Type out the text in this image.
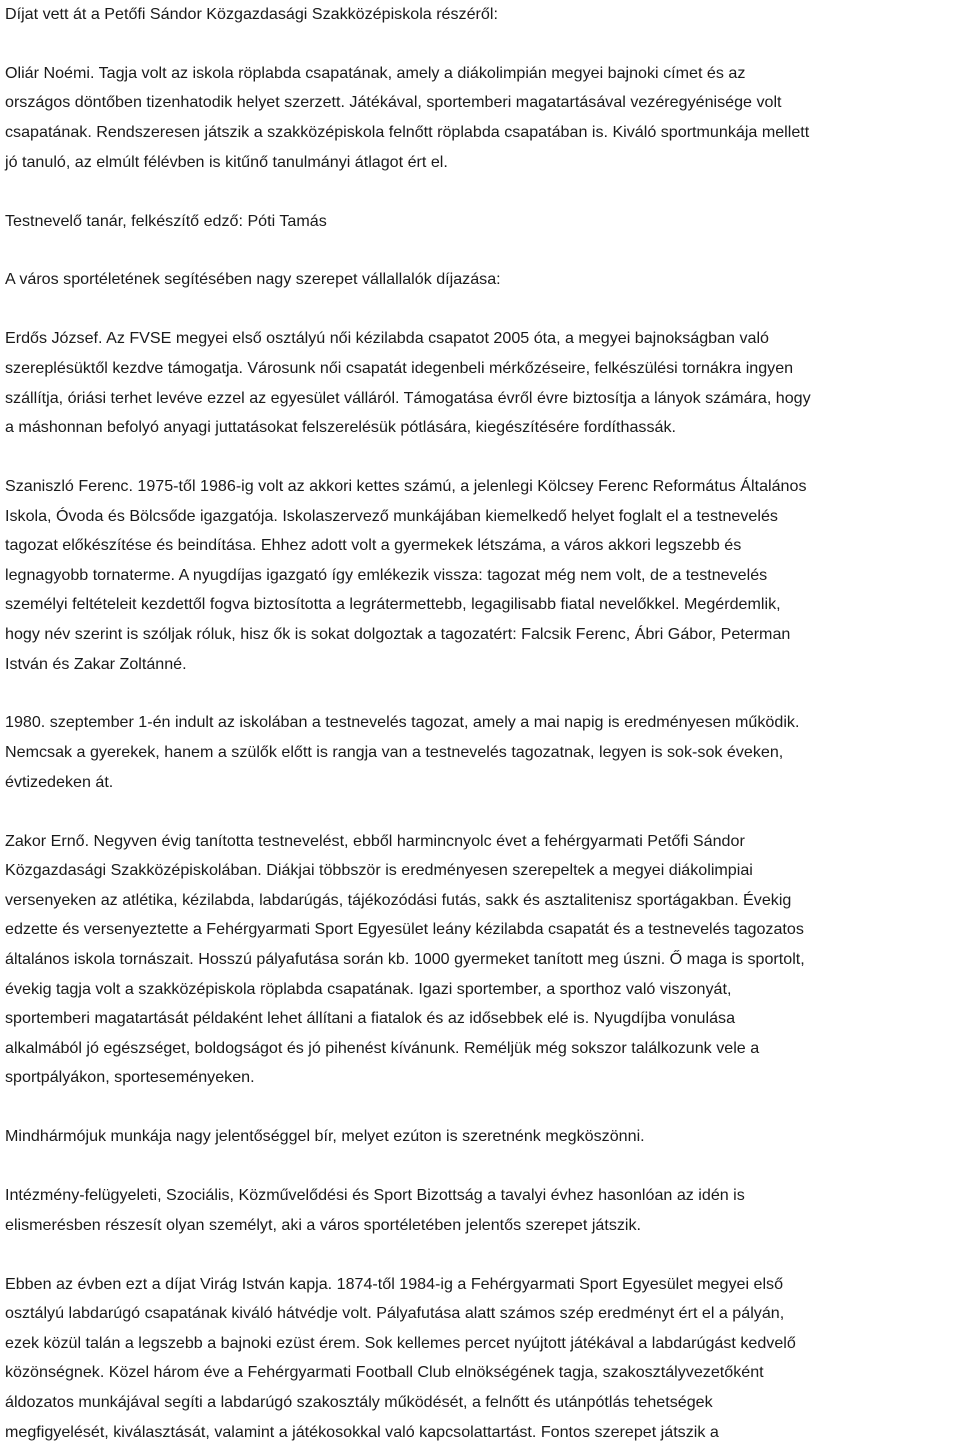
Díjat vett át a Petőfi Sándor Közgazdasági Szakközépiskola részéről:

Oliár Noémi. Tagja volt az iskola röplabda csapatának, amely a diákolimpián megyei bajnoki címet és az
országos döntőben tizenhatodik helyet szerzett. Játékával, sportemberi magatartásával vezéregyénisége volt
csapatának. Rendszeresen játszik a szakközépiskola felnőtt röplabda csapatában is. Kiváló sportmunkája mellett
jó tanuló, az elmúlt félévben is kitűnő tanulmányi átlagot ért el.

Testnevelő tanár, felkészítő edző: Póti Tamás

A város sportéletének segítésében nagy szerepet vállallalók díjazása:

Erdős József. Az FVSE megyei első osztályú női kézilabda csapatot 2005 óta, a megyei bajnokságban való
szereplésüktől kezdve támogatja. Városunk női csapatát idegenbeli mérkőzéseire, felkészülési tornákra ingyen
szállítja, óriási terhet levéve ezzel az egyesület válláról. Támogatása évről évre biztosítja a lányok számára, hogy
a máshonnan befolyó anyagi juttatásokat felszerelésük pótlására, kiegészítésére fordíthassák.

Szaniszló Ferenc. 1975-től 1986-ig volt az akkori kettes számú, a jelenlegi Kölcsey Ferenc Református Általános
Iskola, Óvoda és Bölcsőde igazgatója. Iskolaszervező munkájában kiemelkedő helyet foglalt el a testnevelés
tagozat előkészítése és beindítása. Ehhez adott volt a gyermekek létszáma, a város akkori legszebb és
legnagyobb tornaterme. A nyugdíjas igazgató így emlékezik vissza: tagozat még nem volt, de a testnevelés
személyi feltételeit kezdettől fogva biztosította a legrátermettebb, legagilisabb fiatal nevelőkkel. Megérdemlik,
hogy név szerint is szóljak róluk, hisz ők is sokat dolgoztak a tagozatért: Falcsik Ferenc, Ábri Gábor, Peterman
István és Zakar Zoltánné.

1980. szeptember 1-én indult az iskolában a testnevelés tagozat, amely a mai napig is eredményesen működik.
Nemcsak a gyerekek, hanem a szülők előtt is rangja van a testnevelés tagozatnak, legyen is sok-sok éveken,
évtizedeken át.

Zakor Ernő. Negyven évig tanította testnevelést, ebből harmincnyolc évet a fehérgyarmati Petőfi Sándor
Közgazdasági Szakközépiskolában. Diákjai többször is eredményesen szerepeltek a megyei diákolimpiai
versenyeken az atlétika, kézilabda, labdarúgás, tájékozódási futás, sakk és asztalitenisz sportágakban. Évekig
edzette és versenyeztette a Fehérgyarmati Sport Egyesület leány kézilabda csapatát és a testnevelés tagozatos
általános iskola tornászait. Hosszú pályafutása során kb. 1000 gyermeket tanított meg úszni. Ő maga is sportolt,
évekig tagja volt a szakközépiskola röplabda csapatának. Igazi sportember, a sporthoz való viszonyát,
sportemberi magatartását példaként lehet állítani a fiatalok és az idősebbek elé is. Nyugdíjba vonulása
alkalmából jó egészséget, boldogságot és jó pihenést kívánunk. Reméljük még sokszor találkozunk vele a
sportpályákon, sporteseményeken.

Mindhármójuk munkája nagy jelentőséggel bír, melyet ezúton is szeretnénk megköszönni.

Intézmény-felügyeleti, Szociális, Közművelődési és Sport Bizottság a tavalyi évhez hasonlóan az idén is
elismerésben részesít olyan személyt, aki a város sportéletében jelentős szerepet játszik.

Ebben az évben ezt a díjat Virág István kapja. 1874-től 1984-ig a Fehérgyarmati Sport Egyesület megyei első
osztályú labdarúgó csapatának kiváló hátvédje volt. Pályafutása alatt számos szép eredményt ért el a pályán,
ezek közül talán a legszebb a bajnoki ezüst érem. Sok kellemes percet nyújtott játékával a labdarúgást kedvelő
közönségnek. Közel három éve a Fehérgyarmati Football Club elnökségének tagja, szakosztályvezetőként
áldozatos munkájával segíti a labdarúgó szakosztály működését, a felnőtt és utánpótlás tehetségek
megfigyelését, kiválasztását, valamint a játékosokkal való kapcsolattartást. Fontos szerepet játszik a
